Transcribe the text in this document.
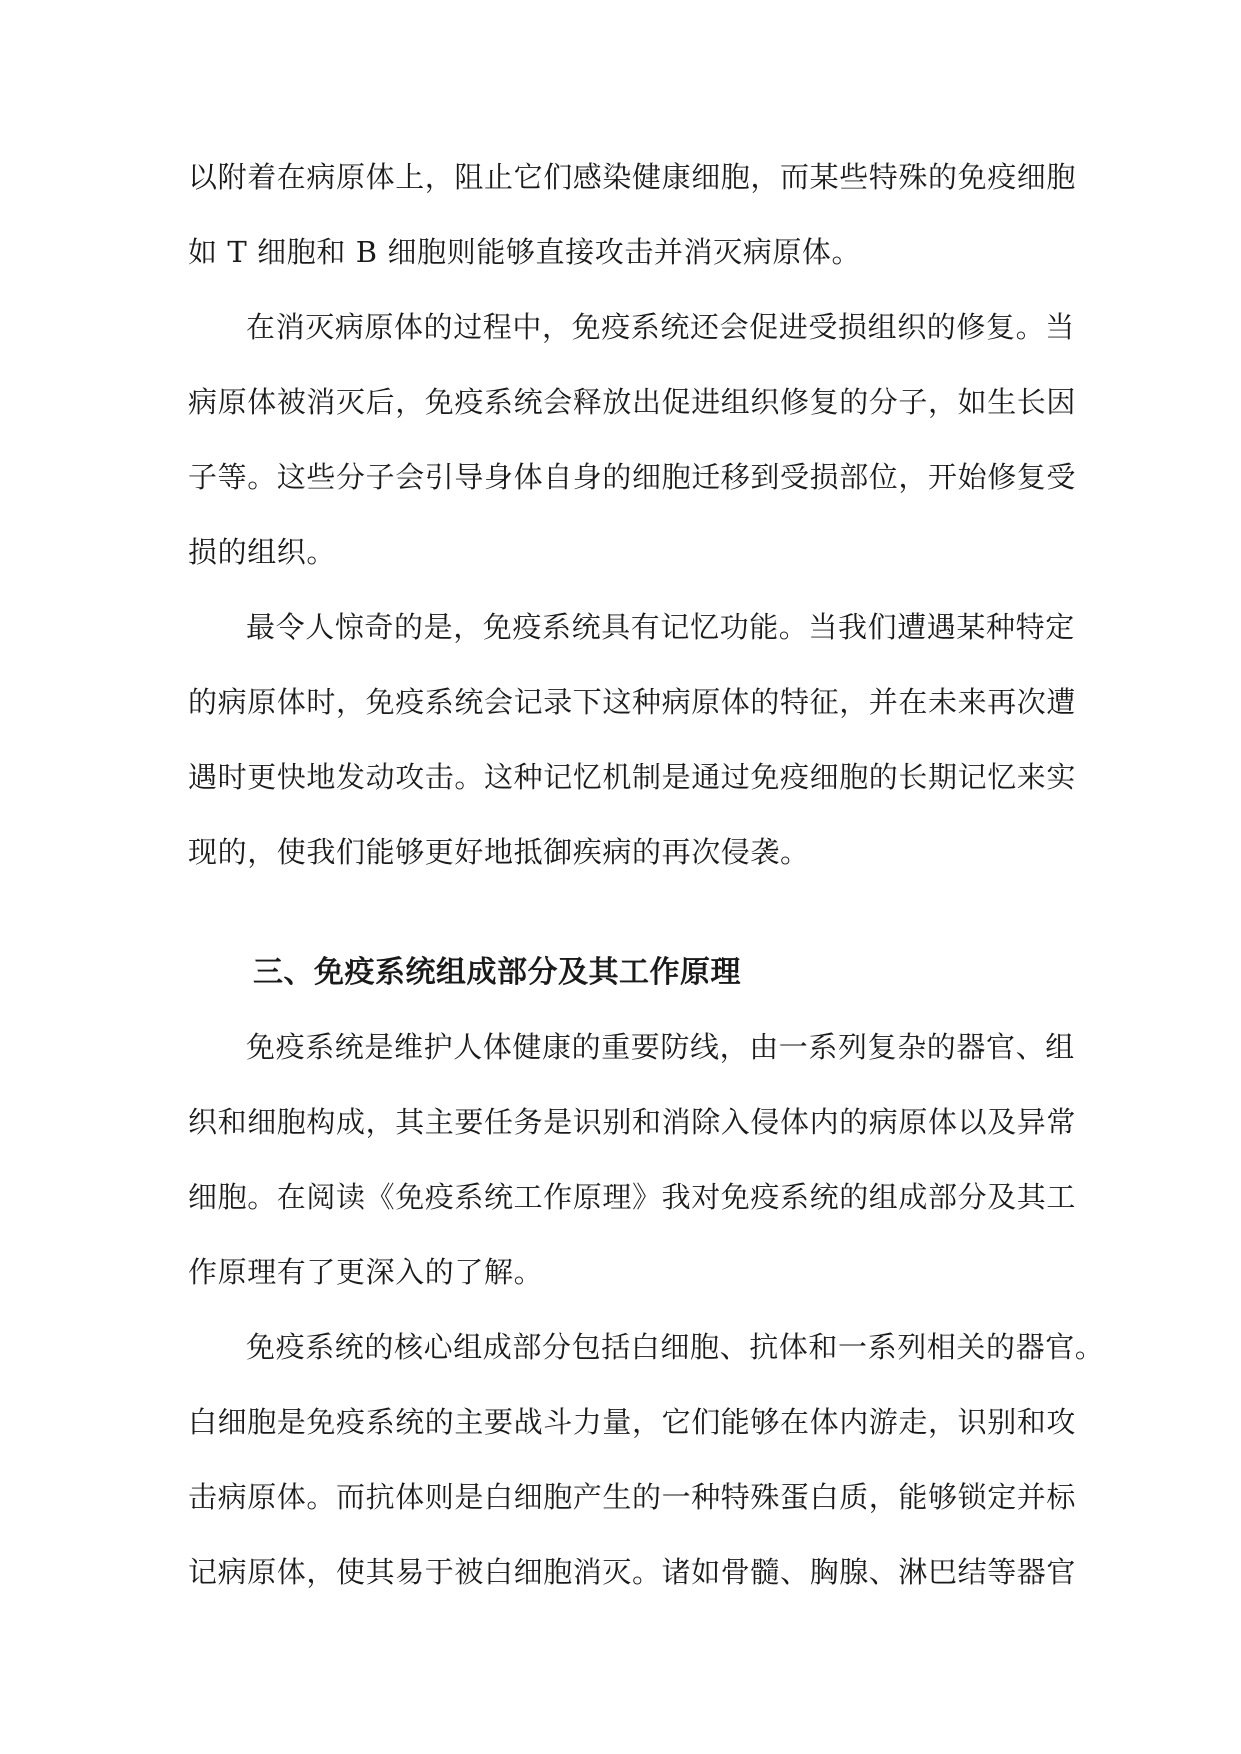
以附着在病原体上，阻止它们感染健康细胞，而某些特殊的免疫细胞
如 T 细胞和 B 细胞则能够直接攻击并消灭病原体。
在消灭病原体的过程中，免疫系统还会促进受损组织的修复。当
病原体被消灭后，免疫系统会释放出促进组织修复的分子，如生长因
子等。这些分子会引导身体自身的细胞迁移到受损部位，开始修复受
损的组织。
最令人惊奇的是，免疫系统具有记忆功能。当我们遭遇某种特定
的病原体时，免疫系统会记录下这种病原体的特征，并在未来再次遭
遇时更快地发动攻击。这种记忆机制是通过免疫细胞的长期记忆来实
现的，使我们能够更好地抵御疾病的再次侵袭。
三、免疫系统组成部分及其工作原理
免疫系统是维护人体健康的重要防线，由一系列复杂的器官、组
织和细胞构成，其主要任务是识别和消除入侵体内的病原体以及异常
细胞。在阅读《免疫系统工作原理》我对免疫系统的组成部分及其工
作原理有了更深入的了解。
免疫系统的核心组成部分包括白细胞、抗体和一系列相关的器官。
白细胞是免疫系统的主要战斗力量，它们能够在体内游走，识别和攻
击病原体。而抗体则是白细胞产生的一种特殊蛋白质，能够锁定并标
记病原体，使其易于被白细胞消灭。诸如骨髓、胸腺、淋巴结等器官
